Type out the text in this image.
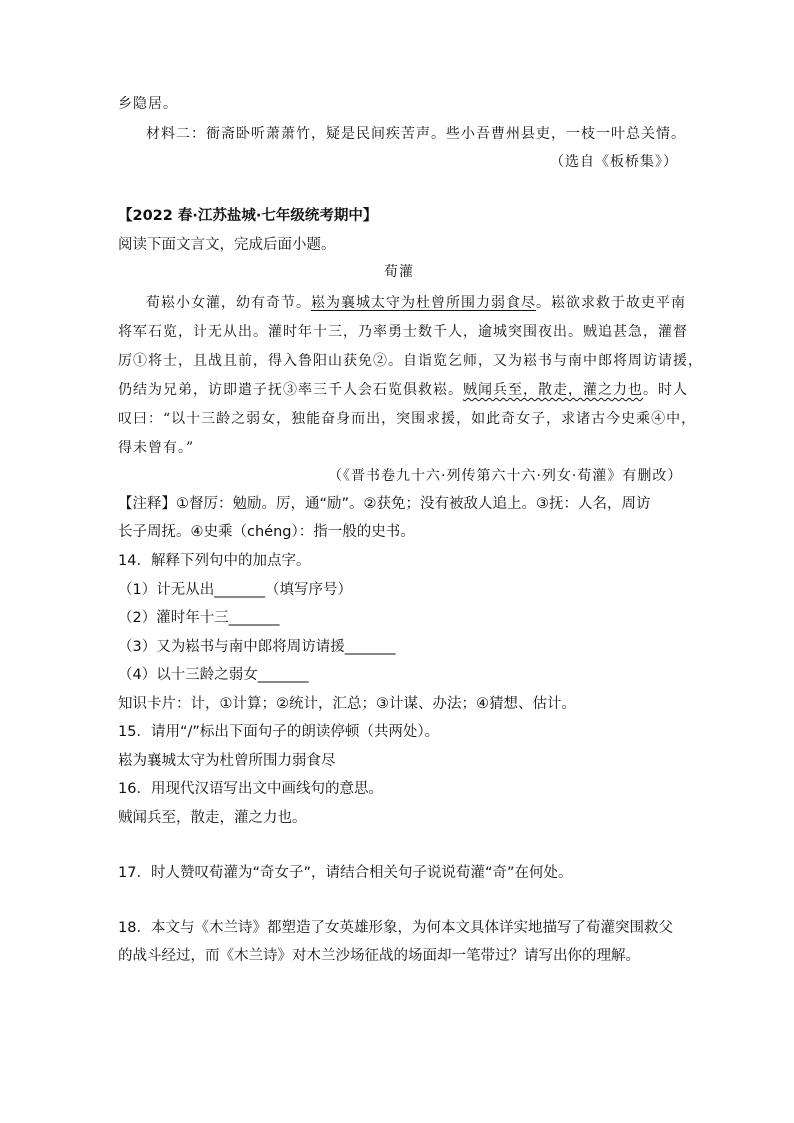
乡隐居。
材料二：衙斋卧听萧萧竹，疑是民间疾苦声。些小吾曹州县吏，一枝一叶总关情。
（选自《板桥集》）
【2022 春·江苏盐城·七年级统考期中】
阅读下面文言文，完成后面小题。
荀灌
荀崧小女灌，幼有奇节。崧为襄城太守为杜曾所围力弱食尽。崧欲求救于故吏平南
将军石览，计无从出。灌时年十三，乃率勇士数千人，逾城突围夜出。贼追甚急，灌督
厉①将士，且战且前，得入鲁阳山获免②。自诣览乞师，又为崧书与南中郎将周访请援，
仍结为兄弟，访即遣子抚③率三千人会石览俱救崧。贼闻兵至，散走，灌之力也。时人
叹曰：“以十三龄之弱女，独能奋身而出，突围求援，如此奇女子，求诸古今史乘④中，
得未曾有。”
（《晋书卷九十六·列传第六十六·列女·荀灌》有删改）
【注释】①督厉：勉励。厉，通“励”。②获免；没有被敌人追上。③抚：人名，周访
长子周抚。④史乘（chéng）：指一般的史书。
14．解释下列句中的加点字。
（1）计无从出_______（填写序号）
（2）灌时年十三_______
（3）又为崧书与南中郎将周访请援_______
（4）以十三龄之弱女_______
知识卡片：计，①计算；②统计，汇总；③计谋、办法；④猜想、估计。
15．请用“/”标出下面句子的朗读停顿（共两处）。
崧为襄城太守为杜曾所围力弱食尽
16．用现代汉语写出文中画线句的意思。
贼闻兵至，散走，灌之力也。
17．时人赞叹荀灌为“奇女子”，请结合相关句子说说荀灌“奇”在何处。
18．本文与《木兰诗》都塑造了女英雄形象，为何本文具体详实地描写了荀灌突围救父
的战斗经过，而《木兰诗》对木兰沙场征战的场面却一笔带过？请写出你的理解。
